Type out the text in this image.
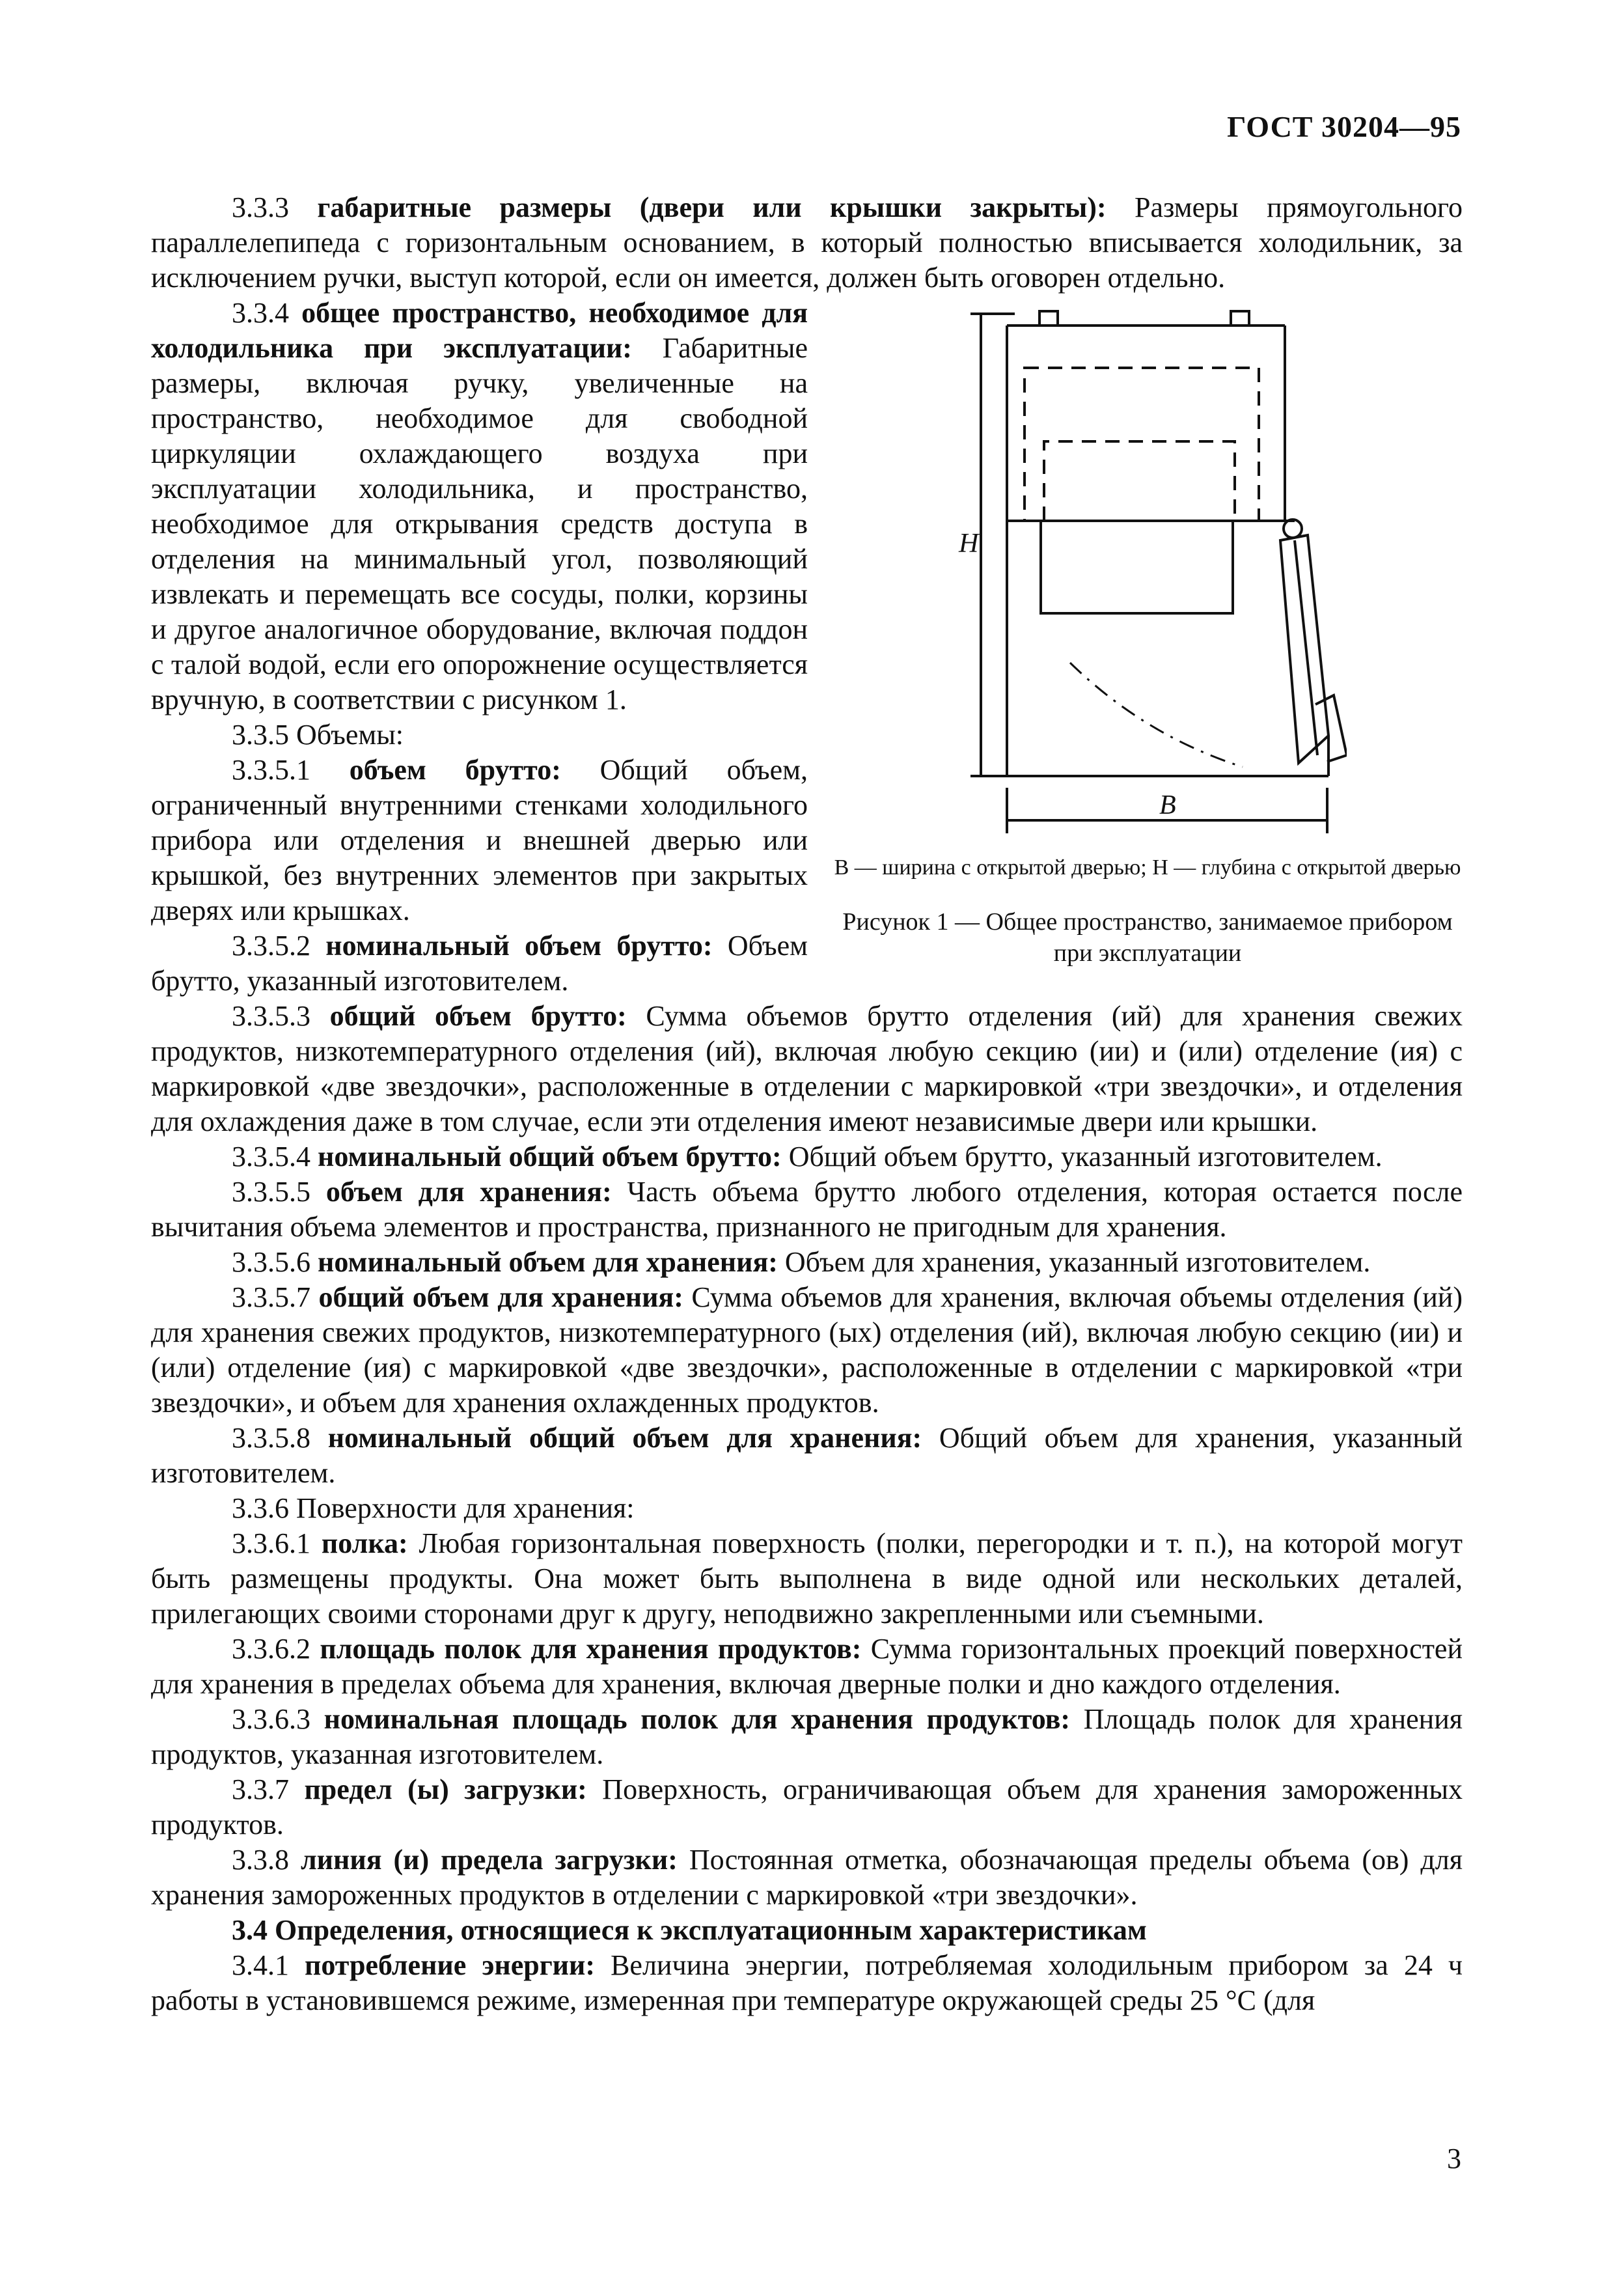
ГОСТ 30204—95

3.3.3 габаритные размеры (двери или крышки закрыты): Размеры прямоугольного параллелепипеда с горизонтальным основанием, в который полностью вписывается холодильник, за исключением ручки, выступ которой, если он имеется, должен быть оговорен отдельно.

H
B
B — ширина с открытой дверью; H — глубина с открытой дверью
Рисунок 1 — Общее пространство, занимаемое прибором при эксплуатации

3.3.4 общее пространство, необходимое для холодильника при эксплуатации: Габаритные размеры, включая ручку, увеличенные на пространство, необходимое для свободной циркуляции охлаждающего воздуха при эксплуатации холодильника, и пространство, необходимое для открывания средств доступа в отделения на минимальный угол, позволяющий извлекать и перемещать все сосуды, полки, корзины и другое аналогичное оборудование, включая поддон с талой водой, если его опорожнение осуществляется вручную, в соответствии с рисунком 1.

3.3.5 Объемы:

3.3.5.1 объем брутто: Общий объем, ограниченный внутренними стенками холодильного прибора или отделения и внешней дверью или крышкой, без внутренних элементов при закрытых дверях или крышках.

3.3.5.2 номинальный объем брутто: Объем брутто, указанный изготовителем.

3.3.5.3 общий объем брутто: Сумма объемов брутто отделения (ий) для хранения свежих продуктов, низкотемпературного отделения (ий), включая любую секцию (ии) и (или) отделение (ия) с маркировкой «две звездочки», расположенные в отделении с маркировкой «три звездочки», и отделения для охлаждения даже в том случае, если эти отделения имеют независимые двери или крышки.

3.3.5.4 номинальный общий объем брутто: Общий объем брутто, указанный изготовителем.

3.3.5.5 объем для хранения: Часть объема брутто любого отделения, которая остается после вычитания объема элементов и пространства, признанного не пригодным для хранения.

3.3.5.6 номинальный объем для хранения: Объем для хранения, указанный изготовителем.

3.3.5.7 общий объем для хранения: Сумма объемов для хранения, включая объемы отделения (ий) для хранения свежих продуктов, низкотемпературного (ых) отделения (ий), включая любую секцию (ии) и (или) отделение (ия) с маркировкой «две звездочки», расположенные в отделении с маркировкой «три звездочки», и объем для хранения охлажденных продуктов.

3.3.5.8 номинальный общий объем для хранения: Общий объем для хранения, указанный изготовителем.

3.3.6 Поверхности для хранения:

3.3.6.1 полка: Любая горизонтальная поверхность (полки, перегородки и т. п.), на которой могут быть размещены продукты. Она может быть выполнена в виде одной или нескольких деталей, прилегающих своими сторонами друг к другу, неподвижно закрепленными или съемными.

3.3.6.2 площадь полок для хранения продуктов: Сумма горизонтальных проекций поверхностей для хранения в пределах объема для хранения, включая дверные полки и дно каждого отделения.

3.3.6.3 номинальная площадь полок для хранения продуктов: Площадь полок для хранения продуктов, указанная изготовителем.

3.3.7 предел (ы) загрузки: Поверхность, ограничивающая объем для хранения замороженных продуктов.

3.3.8 линия (и) предела загрузки: Постоянная отметка, обозначающая пределы объема (ов) для хранения замороженных продуктов в отделении с маркировкой «три звездочки».

3.4 Определения, относящиеся к эксплуатационным характеристикам

3.4.1 потребление энергии: Величина энергии, потребляемая холодильным прибором за 24 ч работы в установившемся режиме, измеренная при температуре окружающей среды 25 °С (для

3
